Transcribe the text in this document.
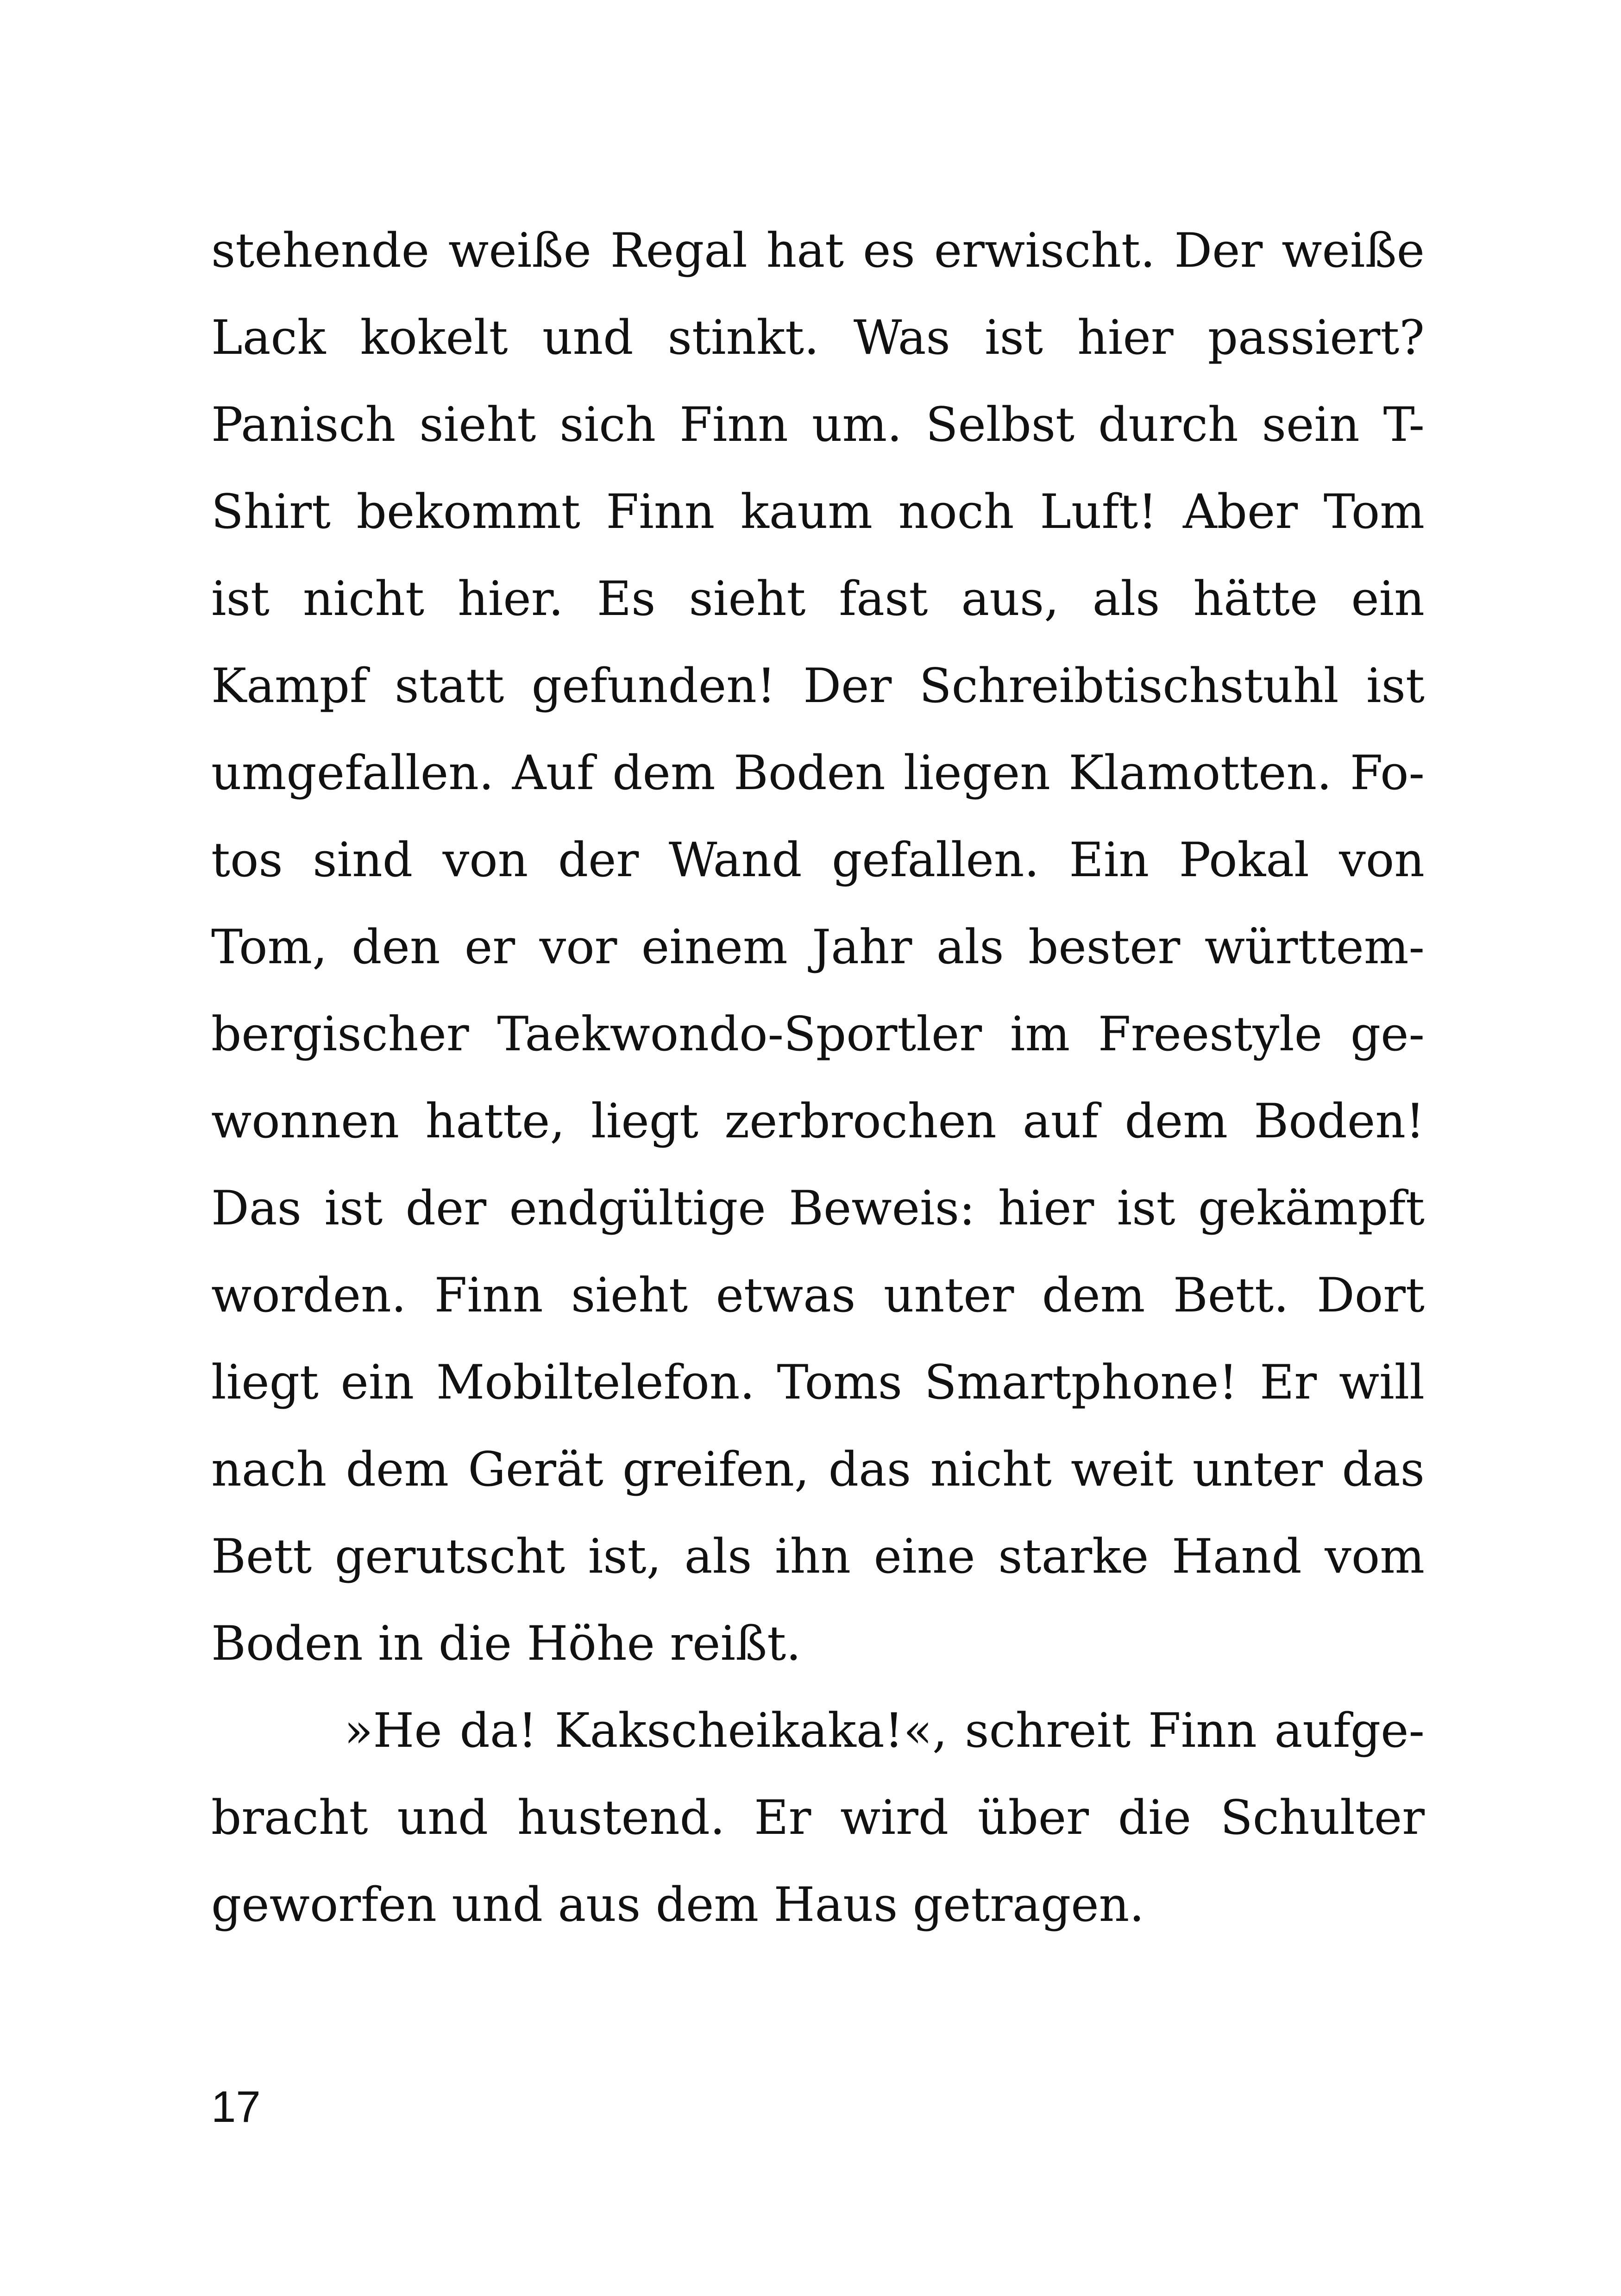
stehende weiße Regal hat es erwischt. Der weiße
Lack kokelt und stinkt. Was ist hier passiert?
Panisch sieht sich Finn um. Selbst durch sein T-
Shirt bekommt Finn kaum noch Luft! Aber Tom
ist nicht hier. Es sieht fast aus, als hätte ein
Kampf statt gefunden! Der Schreibtischstuhl ist
umgefallen. Auf dem Boden liegen Klamotten. Fo-
tos sind von der Wand gefallen. Ein Pokal von
Tom, den er vor einem Jahr als bester württem-
bergischer Taekwondo-Sportler im Freestyle ge-
wonnen hatte, liegt zerbrochen auf dem Boden!
Das ist der endgültige Beweis: hier ist gekämpft
worden. Finn sieht etwas unter dem Bett. Dort
liegt ein Mobiltelefon. Toms Smartphone! Er will
nach dem Gerät greifen, das nicht weit unter das
Bett gerutscht ist, als ihn eine starke Hand vom
Boden in die Höhe reißt.
»He da! Kakscheikaka!«, schreit Finn aufge-
bracht und hustend. Er wird über die Schulter
geworfen und aus dem Haus getragen.
17
